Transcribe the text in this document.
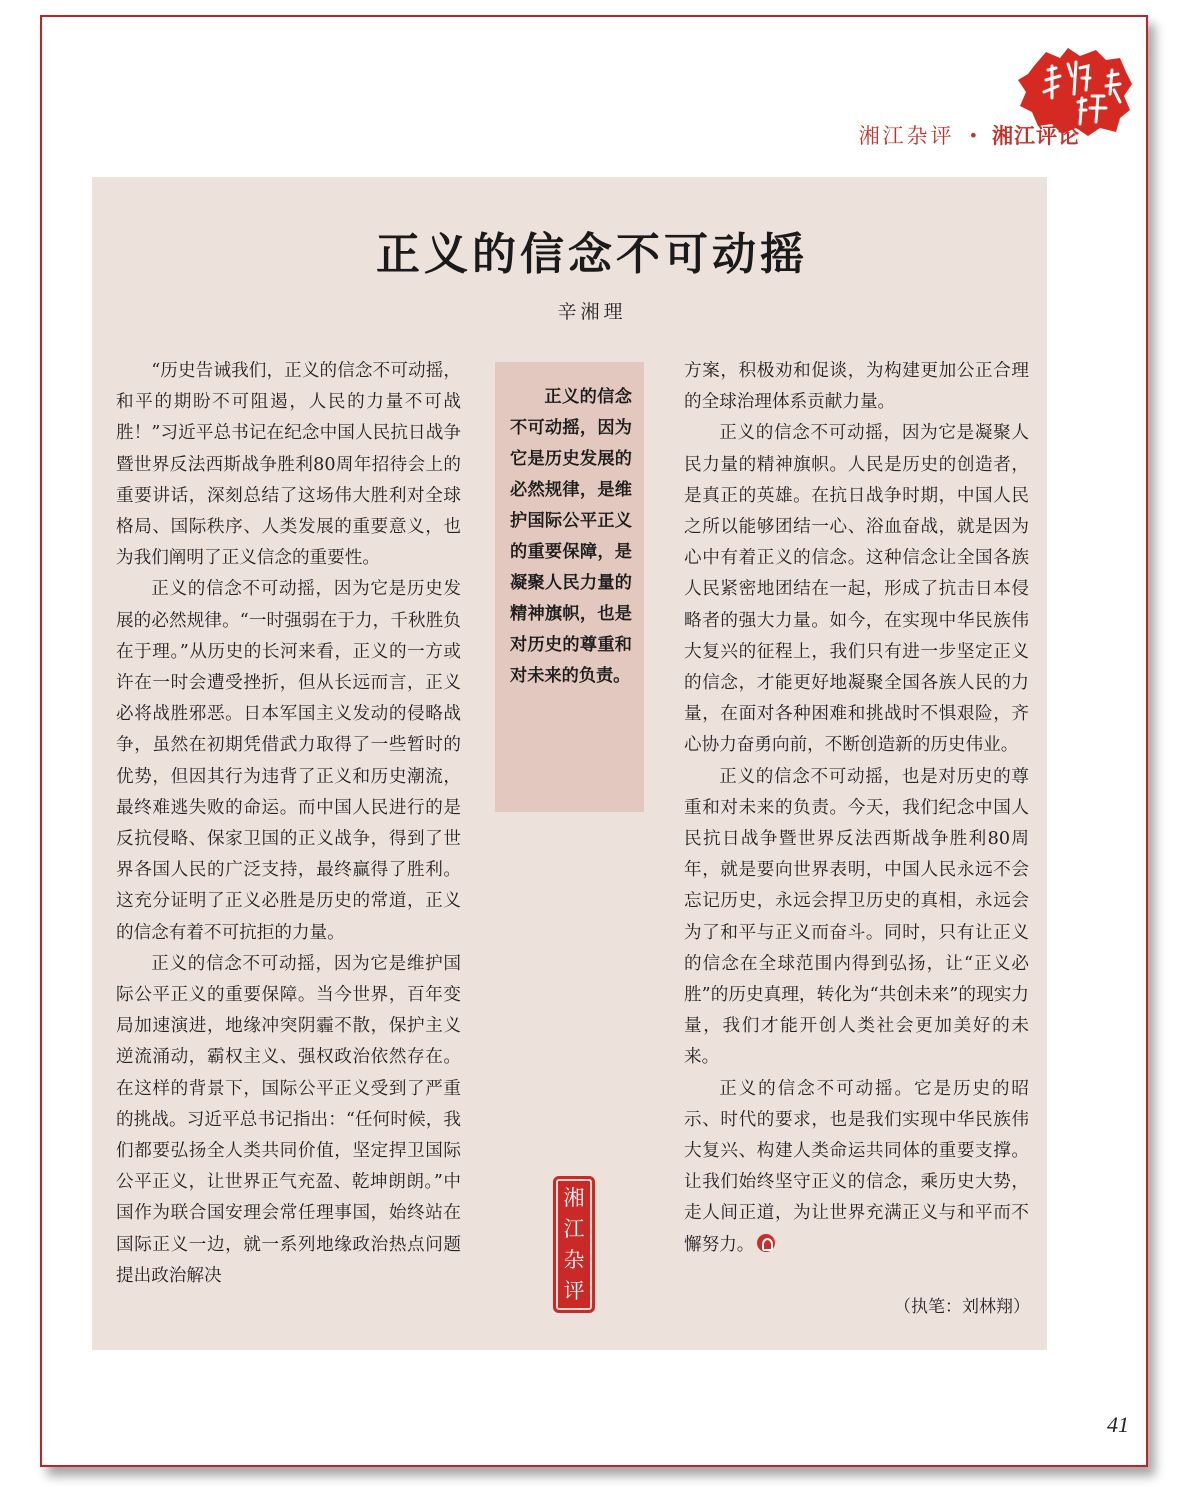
湘江杂评 • 湘江评论
正义的信念不可动摇
辛湘理

“历史告诫我们，正义的信念不可动摇，和平的期盼不可阻遏，人民的力量不可战胜！”习近平总书记在纪念中国人民抗日战争暨世界反法西斯战争胜利80周年招待会上的重要讲话，深刻总结了这场伟大胜利对全球格局、国际秩序、人类发展的重要意义，也为我们阐明了正义信念的重要性。

正义的信念不可动摇，因为它是历史发展的必然规律。“一时强弱在于力，千秋胜负在于理。”从历史的长河来看，正义的一方或许在一时会遭受挫折，但从长远而言，正义必将战胜邪恶。日本军国主义发动的侵略战争，虽然在初期凭借武力取得了一些暂时的优势，但因其行为违背了正义和历史潮流，最终难逃失败的命运。而中国人民进行的是反抗侵略、保家卫国的正义战争，得到了世界各国人民的广泛支持，最终赢得了胜利。这充分证明了正义必胜是历史的常道，正义的信念有着不可抗拒的力量。

正义的信念不可动摇，因为它是维护国际公平正义的重要保障。当今世界，百年变局加速演进，地缘冲突阴霾不散，保护主义逆流涌动，霸权主义、强权政治依然存在。在这样的背景下，国际公平正义受到了严重的挑战。习近平总书记指出：“任何时候，我们都要弘扬全人类共同价值，坚定捍卫国际公平正义，让世界正气充盈、乾坤朗朗。”中国作为联合国安理会常任理事国，始终站在国际正义一边，就一系列地缘政治热点问题提出政治解决

正义的信念不可动摇，因为它是历史发展的必然规律，是维护国际公平正义的重要保障，是凝聚人民力量的精神旗帜，也是对历史的尊重和对未来的负责。

方案，积极劝和促谈，为构建更加公正合理的全球治理体系贡献力量。

正义的信念不可动摇，因为它是凝聚人民力量的精神旗帜。人民是历史的创造者，是真正的英雄。在抗日战争时期，中国人民之所以能够团结一心、浴血奋战，就是因为心中有着正义的信念。这种信念让全国各族人民紧密地团结在一起，形成了抗击日本侵略者的强大力量。如今，在实现中华民族伟大复兴的征程上，我们只有进一步坚定正义的信念，才能更好地凝聚全国各族人民的力量，在面对各种困难和挑战时不惧艰险，齐心协力奋勇向前，不断创造新的历史伟业。

正义的信念不可动摇，也是对历史的尊重和对未来的负责。今天，我们纪念中国人民抗日战争暨世界反法西斯战争胜利80周年，就是要向世界表明，中国人民永远不会忘记历史，永远会捍卫历史的真相，永远会为了和平与正义而奋斗。同时，只有让正义的信念在全球范围内得到弘扬，让“正义必胜”的历史真理，转化为“共创未来”的现实力量，我们才能开创人类社会更加美好的未来。

正义的信念不可动摇。它是历史的昭示、时代的要求，也是我们实现中华民族伟大复兴、构建人类命运共同体的重要支撑。让我们始终坚守正义的信念，乘历史大势，走人间正道，为让世界充满正义与和平而不懈努力。

（执笔：刘林翔）
湘
江
杂
评
41
